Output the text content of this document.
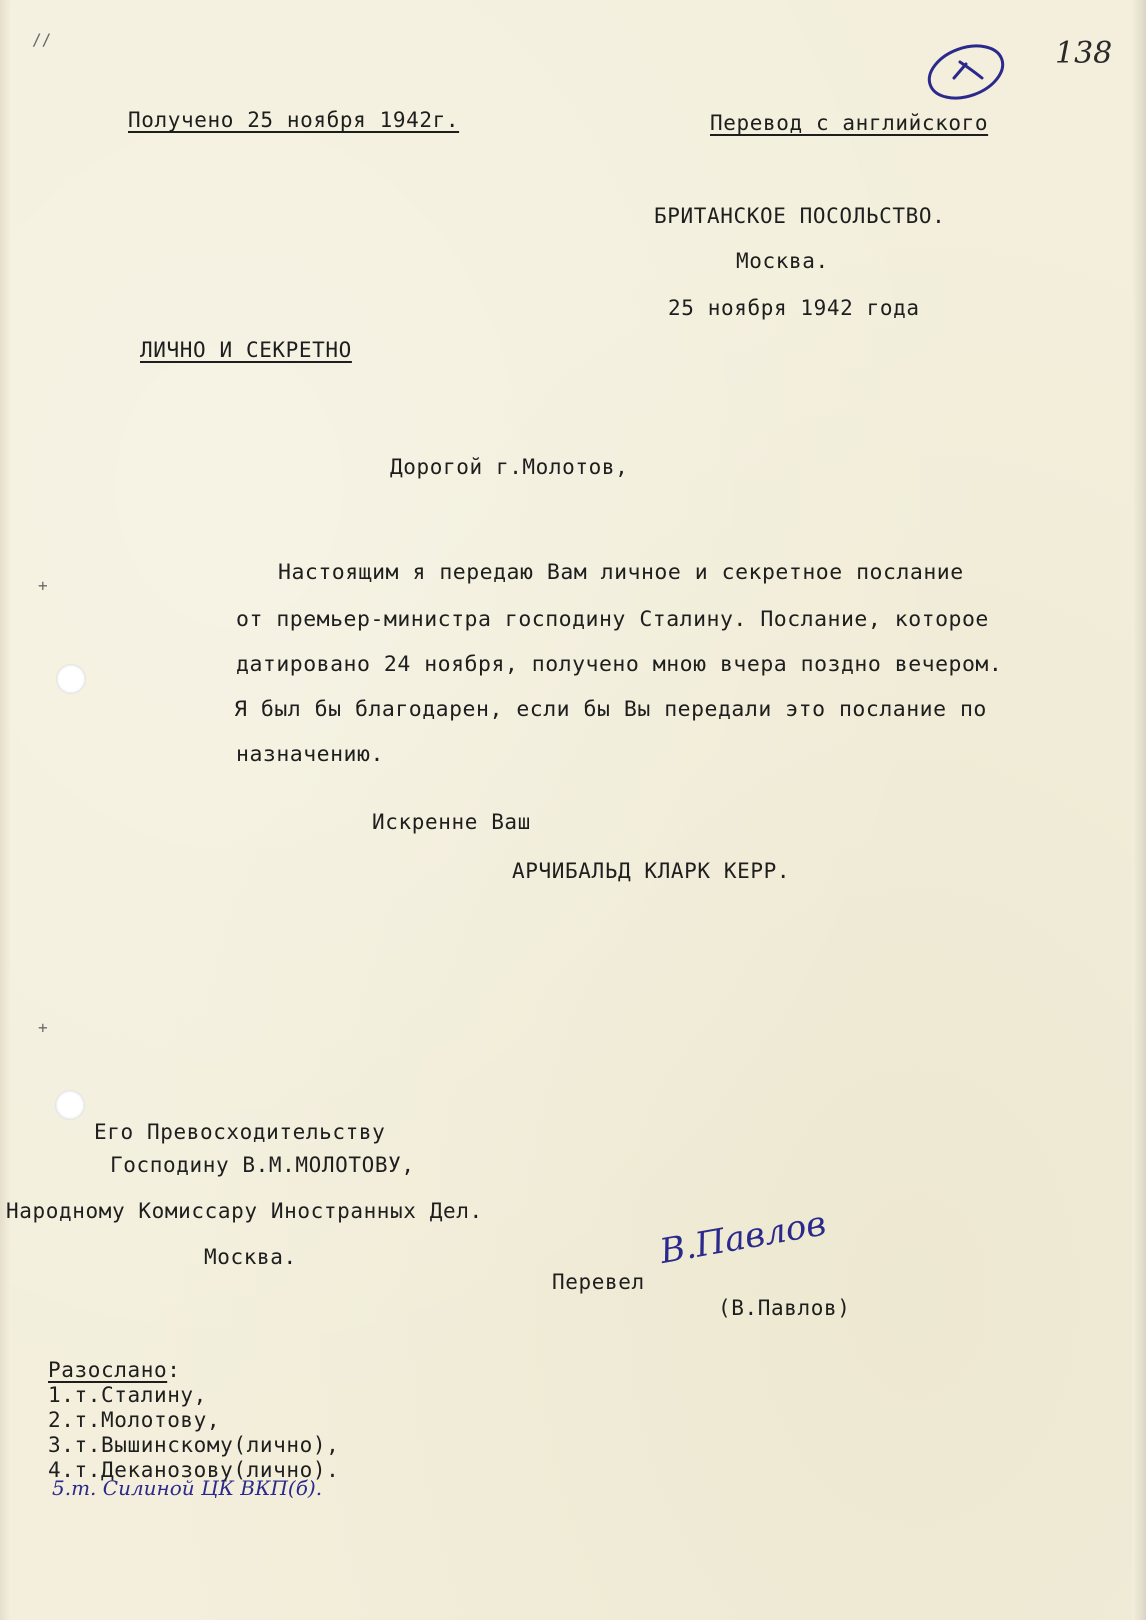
//
+
+
138
Получено 25 ноября 1942г.	Перевод с английского
БРИТАНСКОЕ ПОСОЛЬСТВО.
Москва.
25 ноября 1942 года
ЛИЧНО И СЕКРЕТНО
Дорогой г.Молотов,
Настоящим я передаю Вам личное и секретное послание
от премьер-министра господину Сталину. Послание, которое
датировано 24 ноября, получено мною вчера поздно вечером.
Я был бы благодарен, если бы Вы передали это послание по
назначению.
Искренне Ваш
АРЧИБАЛЬД КЛАРК КЕРР.
Его Превосходительству
Господину В.М.МОЛОТОВУ,
Народному Комиссару Иностранных Дел.
Москва.
Перевел
В.Павлов
(В.Павлов)
Разослано:
1.т.Сталину,
2.т.Молотову,
3.т.Вышинскому(лично),
4.т.Деканозову(лично).
5.т. Силиной ЦК ВКП(б).
